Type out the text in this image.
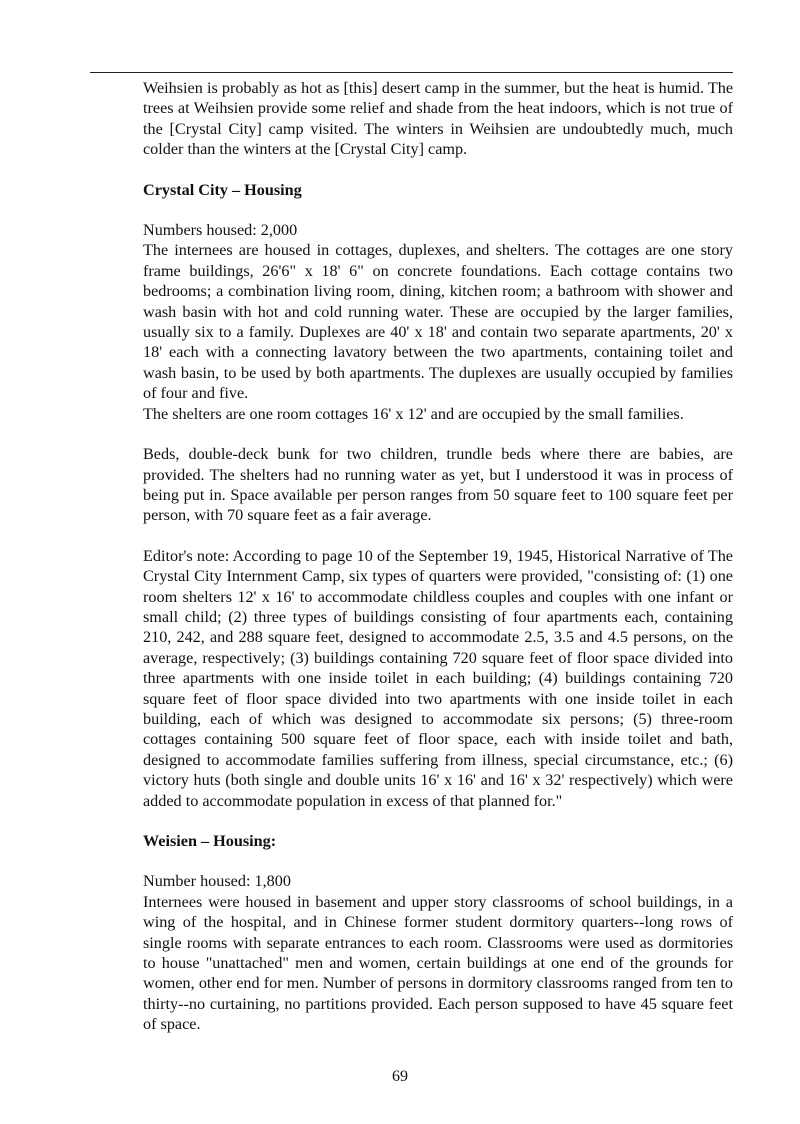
Weihsien is probably as hot as [this] desert camp in the summer, but the heat is humid. The trees at Weihsien provide some relief and shade from the heat indoors, which is not true of the [Crystal City] camp visited. The winters in Weihsien are undoubtedly much, much colder than the winters at the [Crystal City] camp.

Crystal City – Housing

Numbers housed: 2,000

The internees are housed in cottages, duplexes, and shelters. The cottages are one story frame buildings, 26'6" x 18' 6" on concrete foundations. Each cottage contains two bedrooms; a combination living room, dining, kitchen room; a bathroom with shower and wash basin with hot and cold running water. These are occupied by the larger families, usually six to a family. Duplexes are 40' x 18' and contain two separate apartments, 20' x 18' each with a connecting lavatory between the two apartments, containing toilet and wash basin, to be used by both apartments. The duplexes are usually occupied by families of four and five.

The shelters are one room cottages 16' x 12' and are occupied by the small families.

Beds, double-deck bunk for two children, trundle beds where there are babies, are provided. The shelters had no running water as yet, but I understood it was in process of being put in. Space available per person ranges from 50 square feet to 100 square feet per person, with 70 square feet as a fair average.

Editor's note: According to page 10 of the September 19, 1945, Historical Narrative of The Crystal City Internment Camp, six types of quarters were provided, "consisting of: (1) one room shelters 12' x 16' to accommodate childless couples and couples with one infant or small child; (2) three types of buildings consisting of four apartments each, containing 210, 242, and 288 square feet, designed to accommodate 2.5, 3.5 and 4.5 persons, on the average, respectively; (3) buildings containing 720 square feet of floor space divided into three apartments with one inside toilet in each building; (4) buildings containing 720 square feet of floor space divided into two apartments with one inside toilet in each building, each of which was designed to accommodate six persons; (5) three-room cottages containing 500 square feet of floor space, each with inside toilet and bath, designed to accommodate families suffering from illness, special circumstance, etc.; (6) victory huts (both single and double units 16' x 16' and 16' x 32' respectively) which were added to accommodate population in excess of that planned for."

Weisien – Housing:

Number housed: 1,800

Internees were housed in basement and upper story classrooms of school buildings, in a wing of the hospital, and in Chinese former student dormitory quarters--long rows of single rooms with separate entrances to each room. Classrooms were used as dormitories to house "unattached" men and women, certain buildings at one end of the grounds for women, other end for men. Number of persons in dormitory classrooms ranged from ten to thirty--no curtaining, no partitions provided. Each person supposed to have 45 square feet of space.

69
